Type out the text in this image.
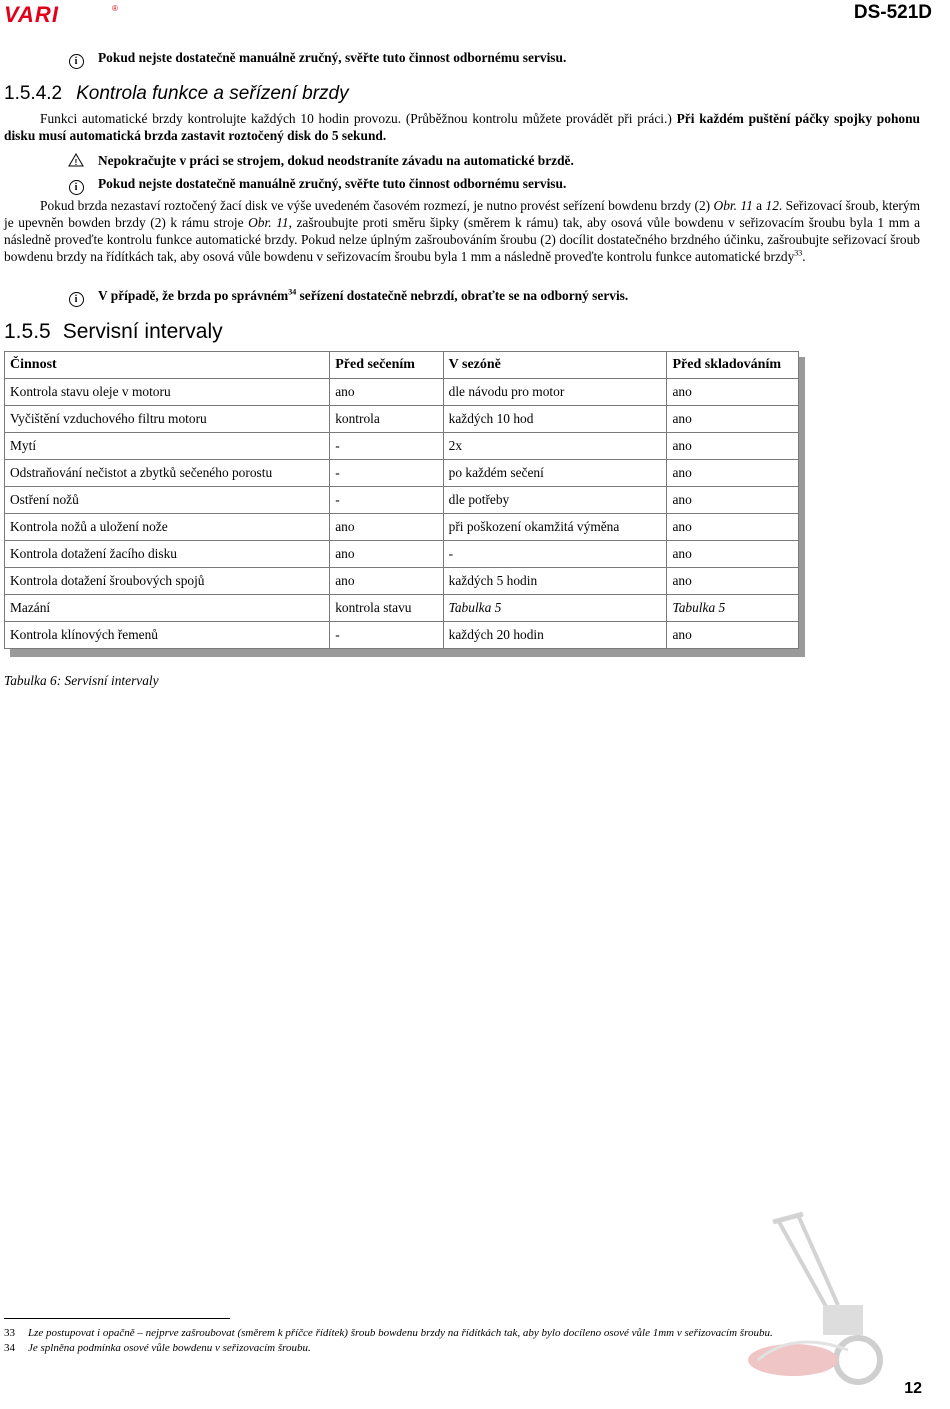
VARI	®	DS-521D
i Pokud nejste dostatečně manuálně zručný, svěřte tuto činnost odbornému servisu.
1.5.4.2 Kontrola funkce a seřízení brzdy

Funkci automatické brzdy kontrolujte každých 10 hodin provozu. (Průběžnou kontrolu můžete provádět při práci.) Při každém puštění páčky spojky pohonu disku musí automatická brzda zastavit roztočený disk do 5 sekund.

! Nepokračujte v práci se strojem, dokud neodstraníte závadu na automatické brzdě.
i Pokud nejste dostatečně manuálně zručný, svěřte tuto činnost odbornému servisu.

Pokud brzda nezastaví roztočený žací disk ve výše uvedeném časovém rozmezí, je nutno provést seřízení bowdenu brzdy (2) Obr. 11 a 12. Seřizovací šroub, kterým je upevněn bowden brzdy (2) k rámu stroje Obr. 11, zašroubujte proti směru šipky (směrem k rámu) tak, aby osová vůle bowdenu v seřizovacím šroubu byla 1 mm a následně proveďte kontrolu funkce automatické brzdy. Pokud nelze úplným zašroubováním šroubu (2) docílit dostatečného brzdného účinku, zašroubujte seřizovací šroub bowdenu brzdy na řídítkách tak, aby osová vůle bowdenu v seřizovacím šroubu byla 1 mm a následně proveďte kontrolu funkce automatické brzdy$^{33}$.

i V případě, že brzda po správném$^{34}$ seřízení dostatečně nebrzdí, obraťte se na odborný servis.
1.5.5 Servisní intervaly
Činnost	Před sečením	V sezóně	Před skladováním
Kontrola stavu oleje v motoru	ano	dle návodu pro motor	ano
Vyčištění vzduchového filtru motoru	kontrola	každých 10 hod	ano
Mytí	-	2x	ano
Odstraňování nečistot a zbytků sečeného porostu	-	po každém sečení	ano
Ostření nožů	-	dle potřeby	ano
Kontrola nožů a uložení nože	ano	při poškození okamžitá výměna	ano
Kontrola dotažení žacího disku	ano	-	ano
Kontrola dotažení šroubových spojů	ano	každých 5 hodin	ano
Mazání	kontrola stavu	Tabulka 5	Tabulka 5
Kontrola klínových řemenů	-	každých 20 hodin	ano
Tabulka 6: Servisní intervaly
33 Lze postupovat i opačně – nejprve zašroubovat (směrem k příčce řídítek) šroub bowdenu brzdy na řídítkách tak, aby bylo docíleno osové vůle 1mm v seřizovacím šroubu.
34 Je splněna podmínka osové vůle bowdenu v seřizovacím šroubu.
12
